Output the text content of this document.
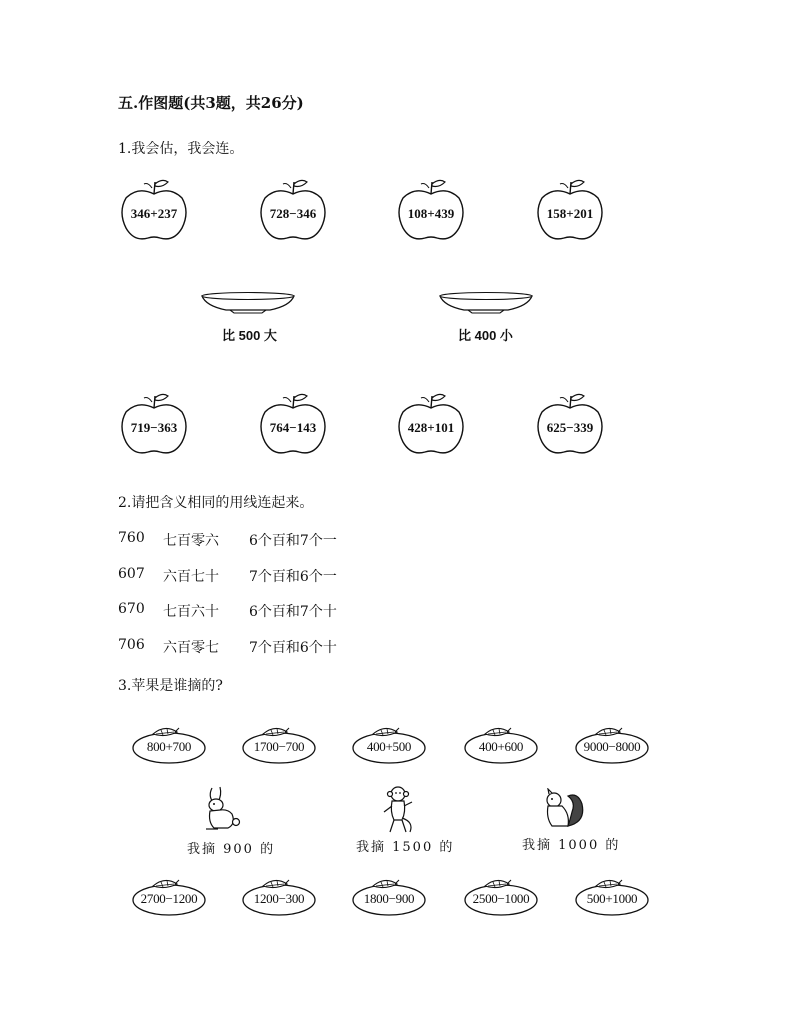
五.作图题(共3题，共26分)
1.我会估，我会连。
346+237	728−346	108+439	158+201
比 500 大	比 400 小
719−363	764−143	428+101	625−339
2.请把含义相同的用线连起来。
760 七百零六 6个百和7个一
607 六百七十 7个百和6个一
670 七百六十 6个百和7个十
706 六百零七 7个百和6个十
3.苹果是谁摘的?
800+700	1700−700	400+500	400+600	9000−8000
我摘 900 的	我摘 1500 的	我摘 1000 的
2700−1200	1200−300	1800−900	2500−1000	500+1000
